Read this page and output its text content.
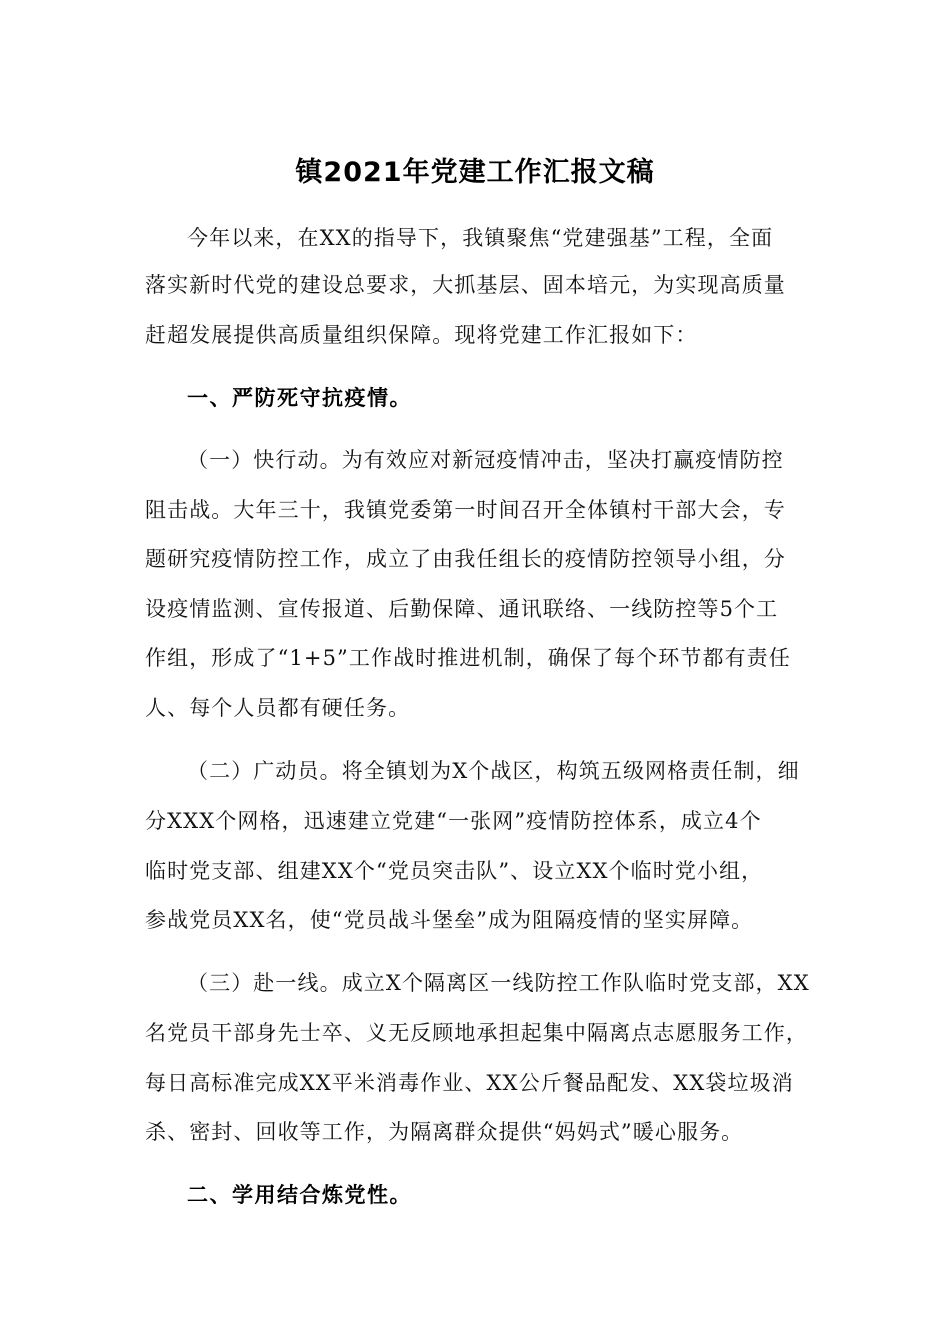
镇2021年党建工作汇报文稿
今年以来，在XX的指导下，我镇聚焦“党建强基”工程，全面
落实新时代党的建设总要求，大抓基层、固本培元，为实现高质量
赶超发展提供高质量组织保障。现将党建工作汇报如下：
一、严防死守抗疫情。
（一）快行动。为有效应对新冠疫情冲击，坚决打赢疫情防控
阻击战。大年三十，我镇党委第一时间召开全体镇村干部大会，专
题研究疫情防控工作，成立了由我任组长的疫情防控领导小组，分
设疫情监测、宣传报道、后勤保障、通讯联络、一线防控等5个工
作组，形成了“1+5”工作战时推进机制，确保了每个环节都有责任
人、每个人员都有硬任务。
（二）广动员。将全镇划为X个战区，构筑五级网格责任制，细
分XXX个网格，迅速建立党建“一张网”疫情防控体系，成立4个
临时党支部、组建XX个“党员突击队”、设立XX个临时党小组，
参战党员XX名，使“党员战斗堡垒”成为阻隔疫情的坚实屏障。
（三）赴一线。成立X个隔离区一线防控工作队临时党支部，XX
名党员干部身先士卒、义无反顾地承担起集中隔离点志愿服务工作，
每日高标准完成XX平米消毒作业、XX公斤餐品配发、XX袋垃圾消
杀、密封、回收等工作，为隔离群众提供“妈妈式”暖心服务。
二、学用结合炼党性。
